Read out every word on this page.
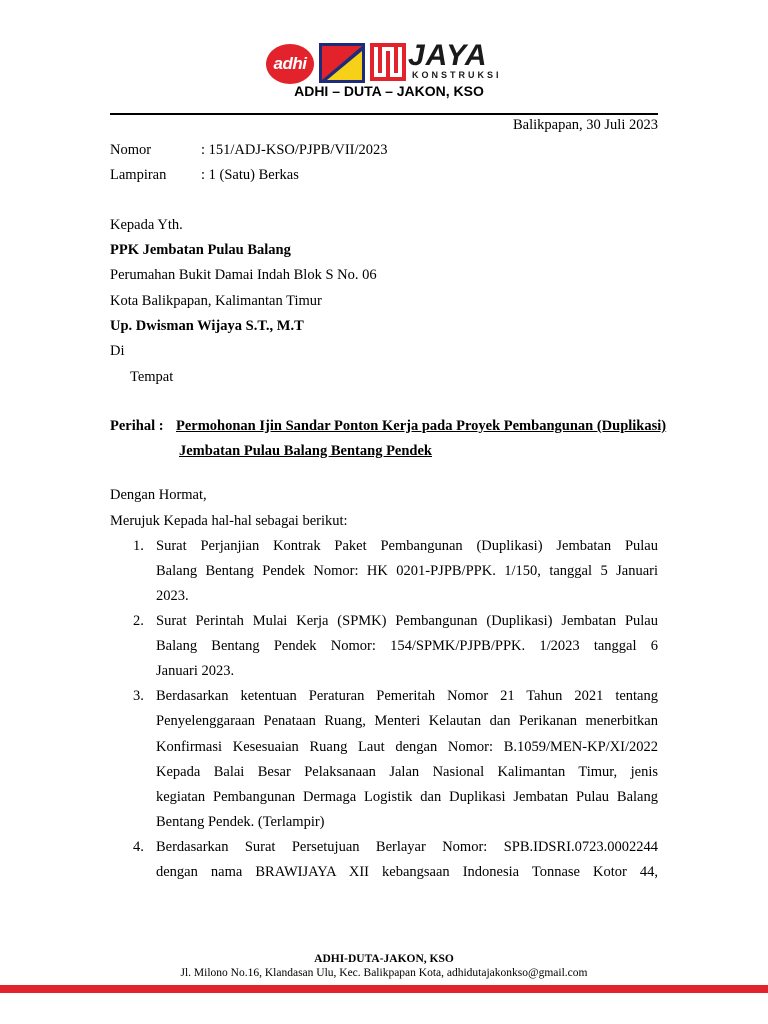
adhi	JAYA
KONSTRUKSI
ADHI – DUTA – JAKON, KSO
Balikpapan, 30 Juli 2023
Nomor	: 151/ADJ-KSO/PJPB/VII/2023
Lampiran : 1 (Satu) Berkas
Kepada Yth.
PPK Jembatan Pulau Balang
Perumahan Bukit Damai Indah Blok S No. 06
Kota Balikpapan, Kalimantan Timur
Up. Dwisman Wijaya S.T., M.T
Di
Tempat
Perihal : Permohonan Ijin Sandar Ponton Kerja pada Proyek Pembangunan (Duplikasi)
Jembatan Pulau Balang Bentang Pendek
Dengan Hormat,
Merujuk Kepada hal-hal sebagai berikut:
1. Surat Perjanjian Kontrak Paket Pembangunan (Duplikasi) Jembatan Pulau
Balang Bentang Pendek Nomor: HK 0201-PJPB/PPK. 1/150, tanggal 5 Januari
2023.
2. Surat Perintah Mulai Kerja (SPMK) Pembangunan (Duplikasi) Jembatan Pulau
Balang Bentang Pendek Nomor: 154/SPMK/PJPB/PPK. 1/2023 tanggal 6
Januari 2023.
3. Berdasarkan ketentuan Peraturan Pemeritah Nomor 21 Tahun 2021 tentang
Penyelenggaraan Penataan Ruang, Menteri Kelautan dan Perikanan menerbitkan
Konfirmasi Kesesuaian Ruang Laut dengan Nomor: B.1059/MEN-KP/XI/2022
Kepada Balai Besar Pelaksanaan Jalan Nasional Kalimantan Timur, jenis
kegiatan Pembangunan Dermaga Logistik dan Duplikasi Jembatan Pulau Balang
Bentang Pendek. (Terlampir)
4. Berdasarkan Surat Persetujuan Berlayar Nomor: SPB.IDSRI.0723.0002244
dengan nama BRAWIJAYA XII kebangsaan Indonesia Tonnase Kotor 44,
ADHI-DUTA-JAKON, KSO
Jl. Milono No.16, Klandasan Ulu, Kec. Balikpapan Kota, adhidutajakonkso@gmail.com
